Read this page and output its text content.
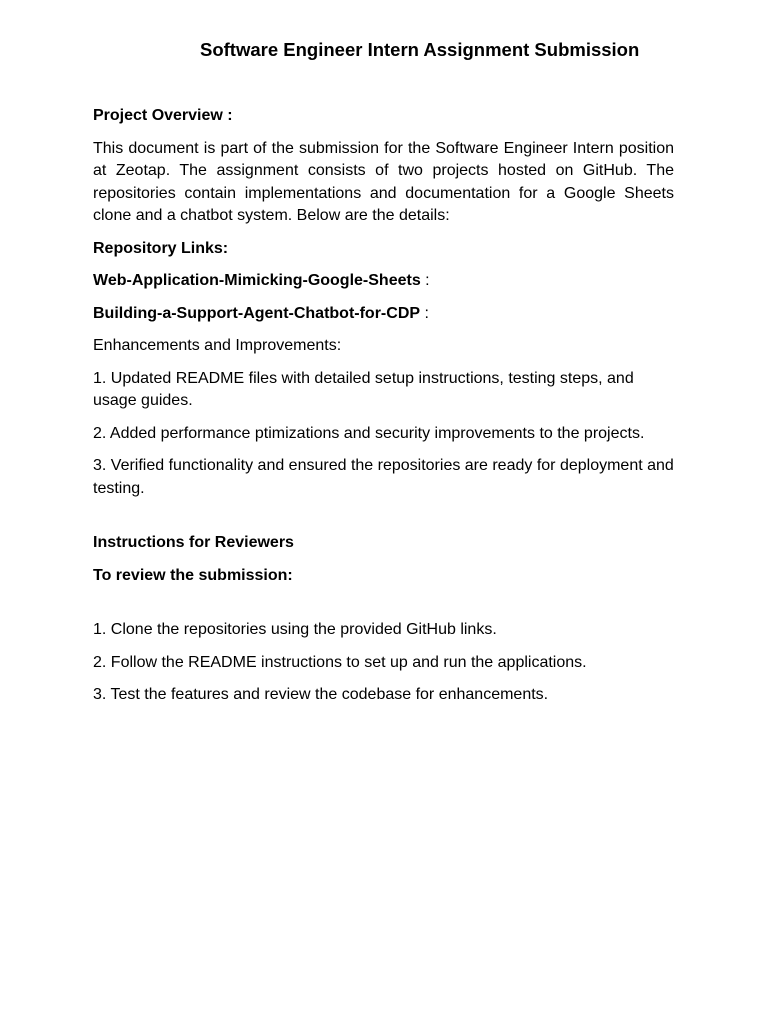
Software Engineer Intern Assignment Submission

Project Overview :

This document is part of the submission for the Software Engineer Intern position at Zeotap. The assignment consists of two projects hosted on GitHub. The repositories contain implementations and documentation for a Google Sheets clone and a chatbot system. Below are the details:

Repository Links:

Web-Application-Mimicking-Google-Sheets :

Building-a-Support-Agent-Chatbot-for-CDP :

Enhancements and Improvements:

1. Updated README files with detailed setup instructions, testing steps, and usage guides.

2. Added performance ptimizations and security improvements to the projects.

3. Verified functionality and ensured the repositories are ready for deployment and testing.

Instructions for Reviewers

To review the submission:

1. Clone the repositories using the provided GitHub links.

2. Follow the README instructions to set up and run the applications.

3. Test the features and review the codebase for enhancements.
